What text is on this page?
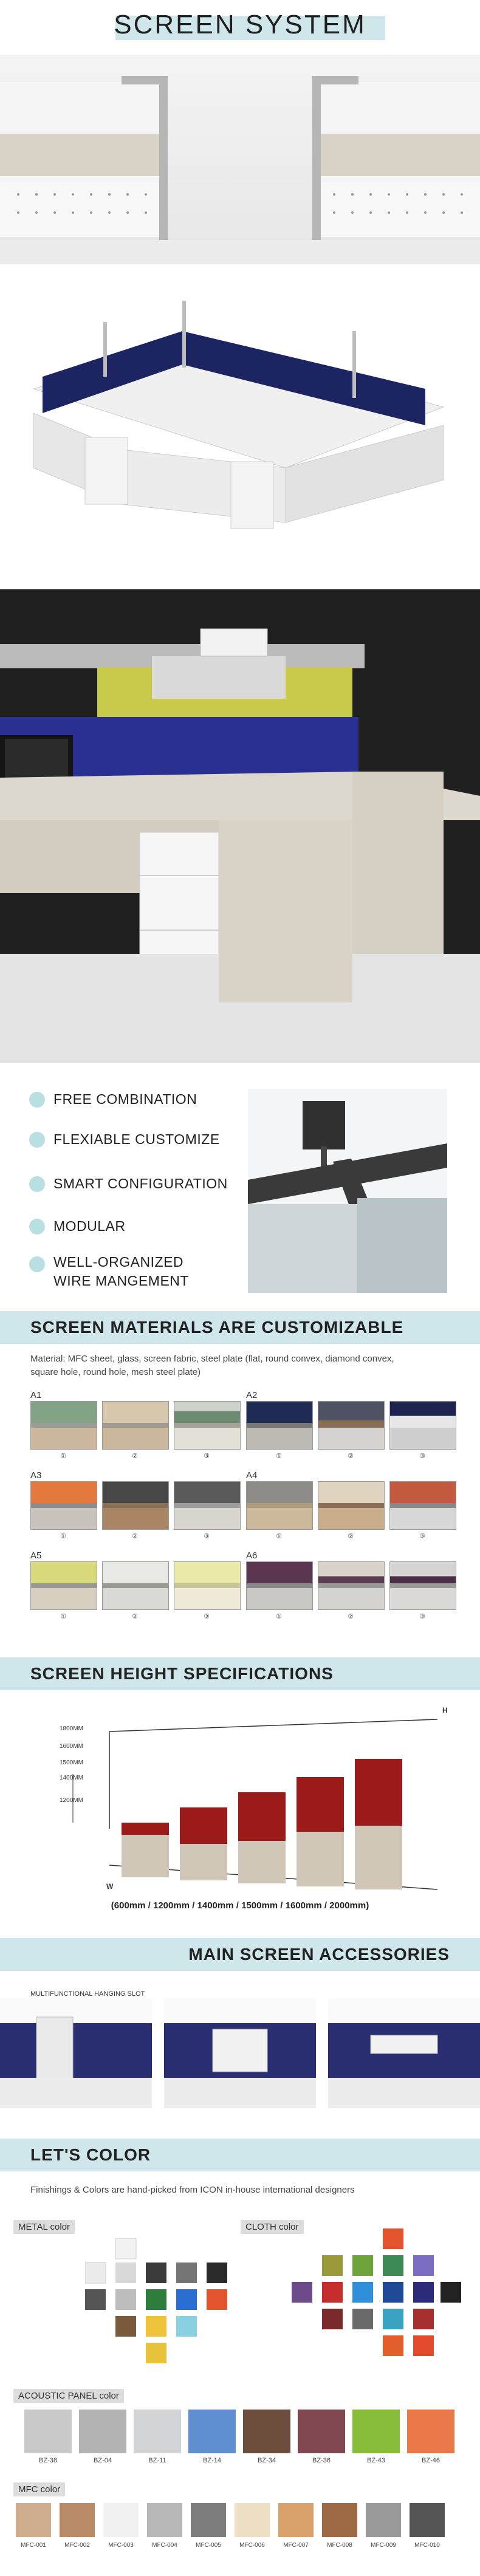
SCREEN SYSTEM
FREE COMBINATION
FLEXIABLE CUSTOMIZE
SMART CONFIGURATION
MODULAR
WELL-ORGANIZED
WIRE MANGEMENT
SCREEN MATERIALS ARE CUSTOMIZABLE
Material: MFC sheet, glass, screen fabric, steel plate (flat, round convex, diamond convex,
square hole, round hole, mesh steel plate)
A1
①	②	③
A2
①	②	③
A3
①	②	③
A4
①	②	③
A5
①	②	③
A6
①	②	③
SCREEN HEIGHT SPECIFICATIONS
1800MM
1600MM
1500MM
1400MM
1200MM
H
W
(600mm / 1200mm / 1400mm / 1500mm / 1600mm / 2000mm)
MAIN SCREEN ACCESSORIES
MULTIFUNCTIONAL HANGING SLOT
LET'S COLOR
Finishings & Colors are hand-picked from ICON in-house international designers
METAL color	CLOTH color
ACOUSTIC PANEL color
BZ-38	BZ-04	BZ-11	BZ-14	BZ-34	BZ-36	BZ-43	BZ-46
MFC color
MFC-001	MFC-002	MFC-003	MFC-004	MFC-005	MFC-006	MFC-007	MFC-008	MFC-009	MFC-010
